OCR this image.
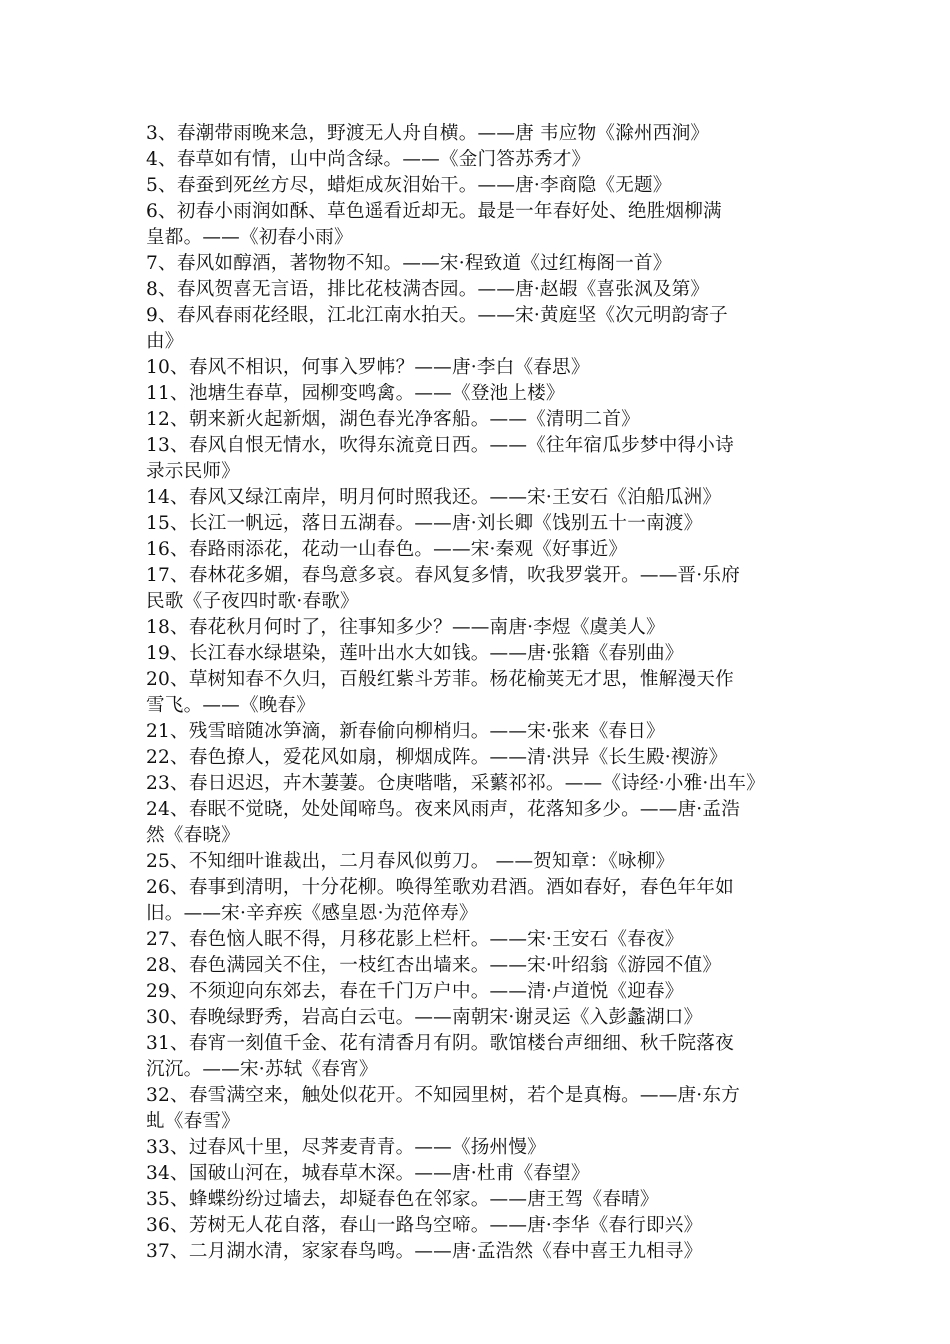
3、春潮带雨晚来急，野渡无人舟自横。——唐 韦应物《滁州西涧》
4、春草如有情，山中尚含绿。——《金门答苏秀才》
5、春蚕到死丝方尽，蜡炬成灰泪始干。——唐·李商隐《无题》
6、初春小雨润如酥、草色遥看近却无。最是一年春好处、绝胜烟柳满
皇都。——《初春小雨》
7、春风如醇酒，著物物不知。——宋·程致道《过红梅阁一首》
8、春风贺喜无言语，排比花枝满杏园。——唐·赵嘏《喜张沨及第》
9、春风春雨花经眼，江北江南水拍天。——宋·黄庭坚《次元明韵寄子
由》
10、春风不相识，何事入罗帏？——唐·李白《春思》
11、池塘生春草，园柳变鸣禽。——《登池上楼》
12、朝来新火起新烟，湖色春光净客船。——《清明二首》
13、春风自恨无情水，吹得东流竟日西。——《往年宿瓜步梦中得小诗
录示民师》
14、春风又绿江南岸，明月何时照我还。——宋·王安石《泊船瓜洲》
15、长江一帆远，落日五湖春。——唐·刘长卿《饯别五十一南渡》
16、春路雨添花，花动一山春色。——宋·秦观《好事近》
17、春林花多媚，春鸟意多哀。春风复多情，吹我罗裳开。——晋·乐府
民歌《子夜四时歌·春歌》
18、春花秋月何时了，往事知多少？——南唐·李煜《虞美人》
19、长江春水绿堪染，莲叶出水大如钱。——唐·张籍《春别曲》
20、草树知春不久归，百般红紫斗芳菲。杨花榆荚无才思，惟解漫天作
雪飞。——《晚春》
21、残雪暗随冰笋滴，新春偷向柳梢归。——宋·张来《春日》
22、春色撩人，爱花风如扇，柳烟成阵。——清·洪异《长生殿·禊游》
23、春日迟迟，卉木萋萋。仓庚喈喈，采蘩祁祁。——《诗经·小雅·出车》
24、春眠不觉晓，处处闻啼鸟。夜来风雨声，花落知多少。——唐·孟浩
然《春晓》
25、不知细叶谁裁出，二月春风似剪刀。 ——贺知章：《咏柳》
26、春事到清明，十分花柳。唤得笙歌劝君酒。酒如春好，春色年年如
旧。——宋·辛弃疾《感皇恩·为范倅寿》
27、春色恼人眠不得，月移花影上栏杆。——宋·王安石《春夜》
28、春色满园关不住，一枝红杏出墙来。——宋·叶绍翁《游园不值》
29、不须迎向东郊去，春在千门万户中。——清·卢道悦《迎春》
30、春晚绿野秀，岩高白云屯。——南朝宋·谢灵运《入彭蠡湖口》
31、春宵一刻值千金、花有清香月有阴。歌馆楼台声细细、秋千院落夜
沉沉。——宋·苏轼《春宵》
32、春雪满空来，触处似花开。不知园里树，若个是真梅。——唐·东方
虬《春雪》
33、过春风十里，尽荠麦青青。——《扬州慢》
34、国破山河在，城春草木深。——唐·杜甫《春望》
35、蜂蝶纷纷过墙去，却疑春色在邻家。——唐王驾《春晴》
36、芳树无人花自落，春山一路鸟空啼。——唐·李华《春行即兴》
37、二月湖水清，家家春鸟鸣。——唐·孟浩然《春中喜王九相寻》
